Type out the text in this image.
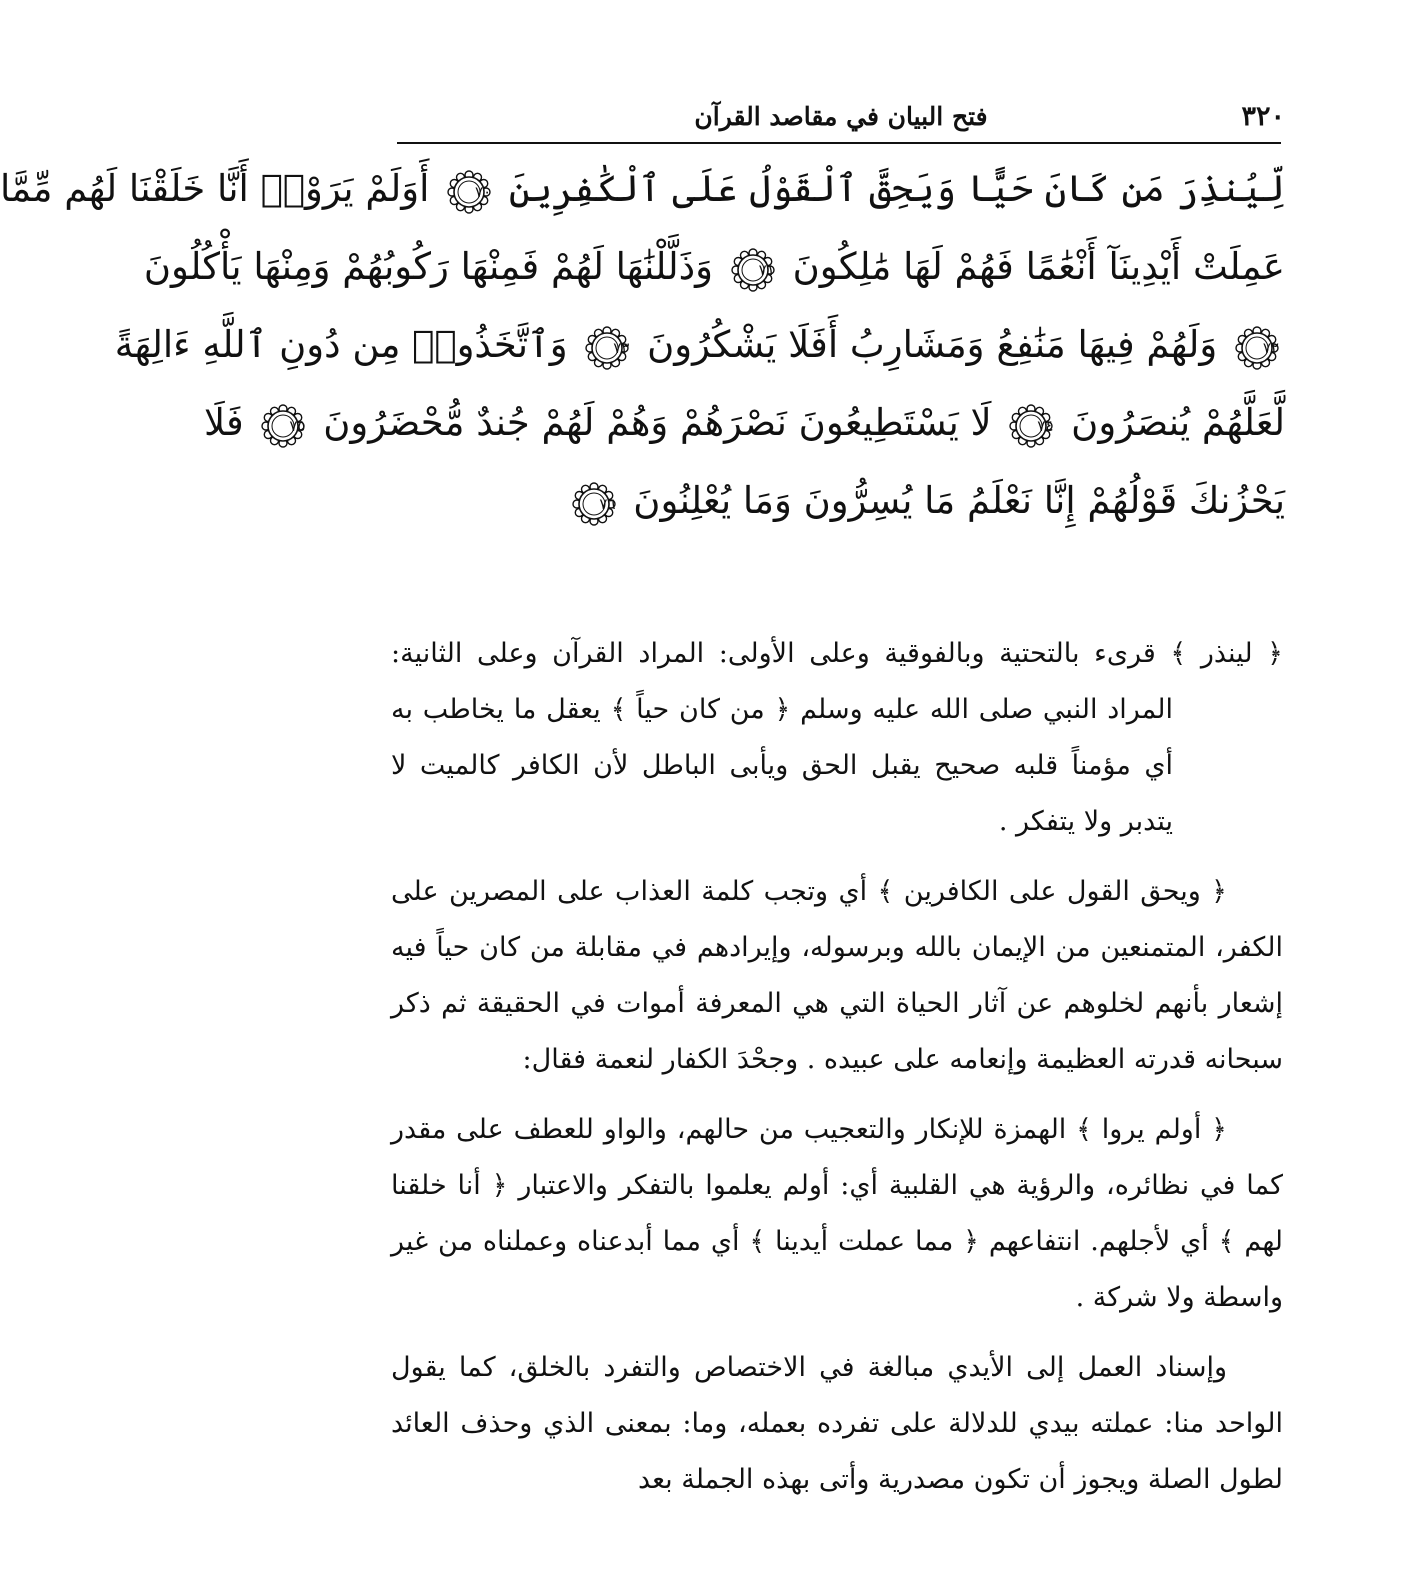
٣٢٠
فتح البيان في مقاصد القرآن
لِّيُنذِرَ مَن كَانَ حَيًّا وَيَحِقَّ ٱلْقَوْلُ عَلَى ٱلْكَٰفِرِينَ
٧٠
أَوَلَمْ يَرَوْا۟ أَنَّا خَلَقْنَا لَهُم مِّمَّا
عَمِلَتْ أَيْدِينَآ أَنْعَٰمًا فَهُمْ لَهَا مَٰلِكُونَ
٧١
وَذَلَّلْنَٰهَا لَهُمْ فَمِنْهَا رَكُوبُهُمْ وَمِنْهَا يَأْكُلُونَ
٧٢
وَلَهُمْ فِيهَا مَنَٰفِعُ وَمَشَارِبُ أَفَلَا يَشْكُرُونَ
٧٣
وَٱتَّخَذُوا۟ مِن دُونِ ٱللَّهِ ءَالِهَةً
لَّعَلَّهُمْ يُنصَرُونَ
٧٤
لَا يَسْتَطِيعُونَ نَصْرَهُمْ وَهُمْ لَهُمْ جُندٌ مُّحْضَرُونَ
٧٥
فَلَا
يَحْزُنكَ قَوْلُهُمْ إِنَّا نَعْلَمُ مَا يُسِرُّونَ وَمَا يُعْلِنُونَ
٧٦

﴿ لينذر ﴾ قرىء بالتحتية وبالفوقية وعلى الأولى: المراد القرآن وعلى الثانية: المراد النبي صلى الله عليه وسلم ﴿ من كان حياً ﴾ يعقل ما يخاطب به أي مؤمناً قلبه صحيح يقبل الحق ويأبى الباطل لأن الكافر كالميت لا يتدبر ولا يتفكر .

﴿ ويحق القول على الكافرين ﴾ أي وتجب كلمة العذاب على المصرين على الكفر، المتمنعين من الإيمان بالله وبرسوله، وإيرادهم في مقابلة من كان حياً فيه إشعار بأنهم لخلوهم عن آثار الحياة التي هي المعرفة أموات في الحقيقة ثم ذكر سبحانه قدرته العظيمة وإنعامه على عبيده . وجحْدَ الكفار لنعمة فقال:

﴿ أولم يروا ﴾ الهمزة للإنكار والتعجيب من حالهم، والواو للعطف على مقدر كما في نظائره، والرؤية هي القلبية أي: أولم يعلموا بالتفكر والاعتبار ﴿ أنا خلقنا لهم ﴾ أي لأجلهم. انتفاعهم ﴿ مما عملت أيدينا ﴾ أي مما أبدعناه وعملناه من غير واسطة ولا شركة .

وإسناد العمل إلى الأيدي مبالغة في الاختصاص والتفرد بالخلق، كما يقول الواحد منا: عملته بيدي للدلالة على تفرده بعمله، وما: بمعنى الذي وحذف العائد لطول الصلة ويجوز أن تكون مصدرية وأتى بهذه الجملة بعد
